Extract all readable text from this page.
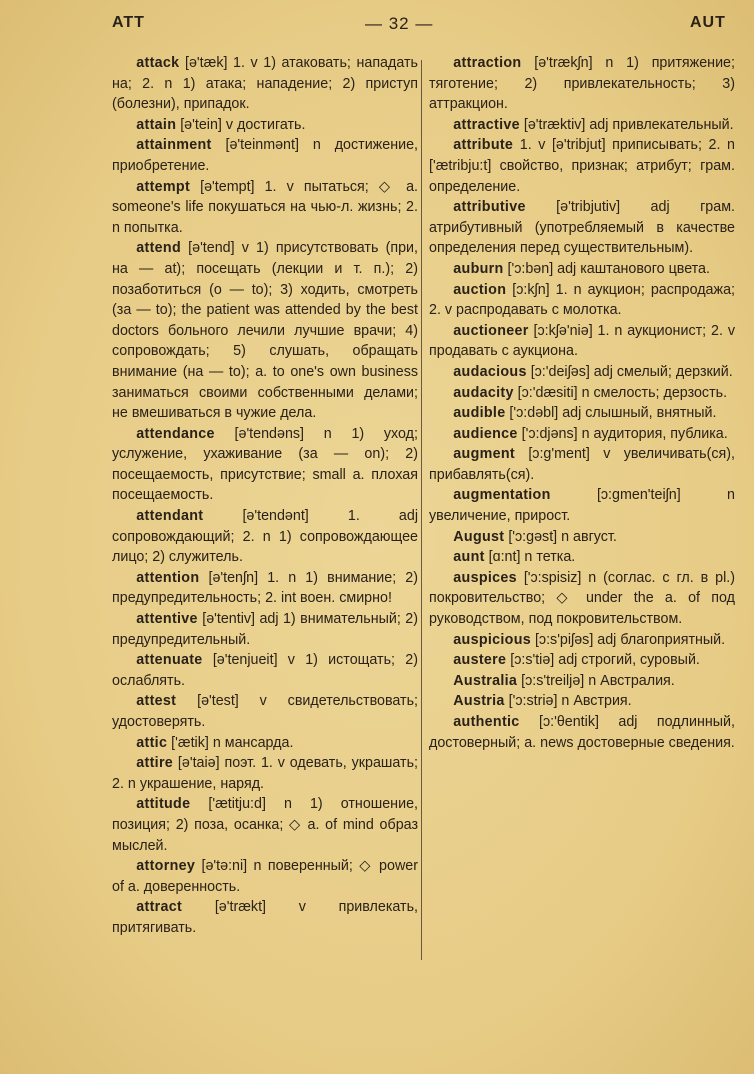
ATT	— 32 —	AUT

attack [ə'tæk] 1. v 1) атаковать; нападать на; 2. n 1) атака; нападение; 2) приступ (болезни), припадок.

attain [ə'tein] v достигать.

attainment [ə'teinmənt] n достижение, приобретение.

attempt [ə'tempt] 1. v пытаться; ◇ a. someone's life покушаться на чью-л. жизнь; 2. n попытка.

attend [ə'tend] v 1) присутствовать (при, на — at); посещать (лекции и т. п.); 2) позаботиться (о — to); 3) ходить, смотреть (за — to); the patient was attended by the best doctors больного лечили лучшие врачи; 4) сопровождать; 5) слушать, обращать внимание (на — to); a. to one's own business заниматься своими собственными делами; не вмешиваться в чужие дела.

attendance [ə'tendəns] n 1) уход; услужение, ухаживание (за — on); 2) посещаемость, присутствие; small a. плохая посещаемость.

attendant [ə'tendənt] 1. adj сопровождающий; 2. n 1) сопровождающее лицо; 2) служитель.

attention [ə'tenʃn] 1. n 1) внимание; 2) предупредительность; 2. int воен. смирно!

attentive [ə'tentiv] adj 1) внимательный; 2) предупредительный.

attenuate [ə'tenjueit] v 1) истощать; 2) ослаблять.

attest [ə'test] v свидетельствовать; удостоверять.

attic ['ætik] n мансарда.

attire [ə'taiə] поэт. 1. v одевать, украшать; 2. n украшение, наряд.

attitude ['ætitju:d] n 1) отношение, позиция; 2) поза, осанка; ◇ a. of mind образ мыслей.

attorney [ə'tə:ni] n поверенный; ◇ power of a. доверенность.

attract [ə'trækt] v привлекать, притягивать.

attraction [ə'trækʃn] n 1) притяжение; тяготение; 2) привлекательность; 3) аттракцион.

attractive [ə'træktiv] adj привлекательный.

attribute 1. v [ə'tribjut] приписывать; 2. n ['ætribju:t] свойство, признак; атрибут; грам. определение.

attributive [ə'tribjutiv] adj грам. атрибутивный (употребляемый в качестве определения перед существительным).

auburn ['ɔ:bən] adj каштанового цвета.

auction [ɔ:kʃn] 1. n аукцион; распродажа; 2. v распродавать с молотка.

auctioneer [ɔ:kʃə'niə] 1. n аукционист; 2. v продавать с аукциона.

audacious [ɔ:'deiʃəs] adj смелый; дерзкий.

audacity [ɔ:'dæsiti] n смелость; дерзость.

audible ['ɔ:dəbl] adj слышный, внятный.

audience ['ɔ:djəns] n аудитория, публика.

augment [ɔ:g'ment] v увеличивать(ся), прибавлять(ся).

augmentation [ɔ:gmen'teiʃn] n увеличение, прирост.

August ['ɔ:gəst] n август.

aunt [ɑ:nt] n тетка.

auspices ['ɔ:spisiz] n (соглас. с гл. в pl.) покровительство; ◇ under the a. of под руководством, под покровительством.

auspicious [ɔ:s'piʃəs] adj благоприятный.

austere [ɔ:s'tiə] adj строгий, суровый.

Australia [ɔ:s'treiljə] n Австралия.

Austria ['ɔ:striə] n Австрия.

authentic [ɔ:'θentik] adj подлинный, достоверный; a. news достоверные сведения.
